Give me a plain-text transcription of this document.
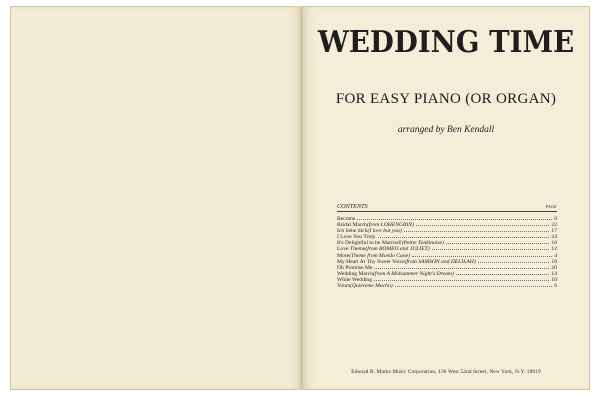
WEDDING TIME
FOR EASY PIANO (OR ORGAN)
arranged by Ben Kendall
CONTENTS	PAGE
Become	8
Bridal March (from LOHENGRIN)	22
Ich liebe dich (I love but you)	17
I Love You Truly	24
It's Delightful to be Married! (Petite Tonkinoise)	16
Love Theme (from ROMEO and JULIET)	12
More (Theme from Mondo Cane)	4
My Heart At Thy Sweet Voice (from SAMSON and DELILAH)	18
Oh Promise Me	20
Wedding March (from A Midsummer Night's Dream)	14
White Wedding	10
Yours (Quiereme Mucho)	6
Edward B. Marks Music Corporation, 136 West 52nd Street, New York, N.Y. 10019
